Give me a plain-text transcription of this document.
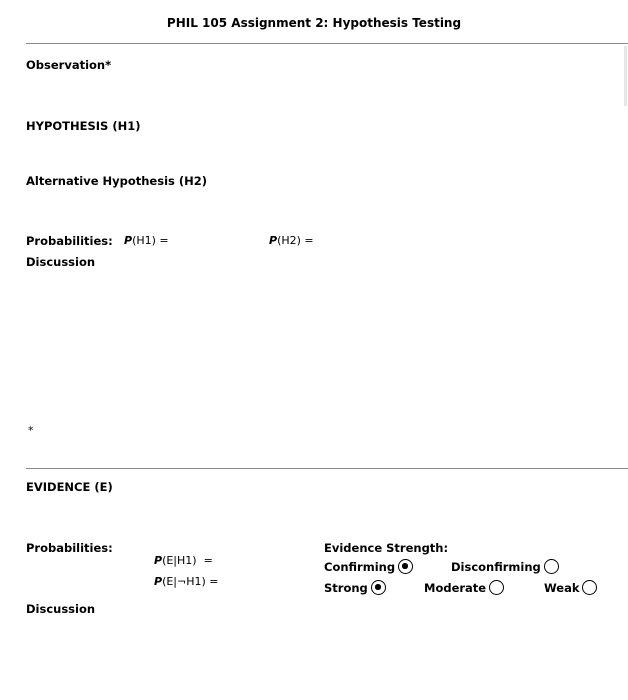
PHIL 105 Assignment 2: Hypothesis Testing
Observation*
HYPOTHESIS (H1)
Alternative Hypothesis (H2)
Probabilities: P(H1) =	P(H2) =
Discussion
*
EVIDENCE (E)
Probabilities:

P(E|H1)  =

P(E|¬H1) =

Evidence Strength:
Confirming	Disconfirming
Strong	Moderate	Weak
Discussion
